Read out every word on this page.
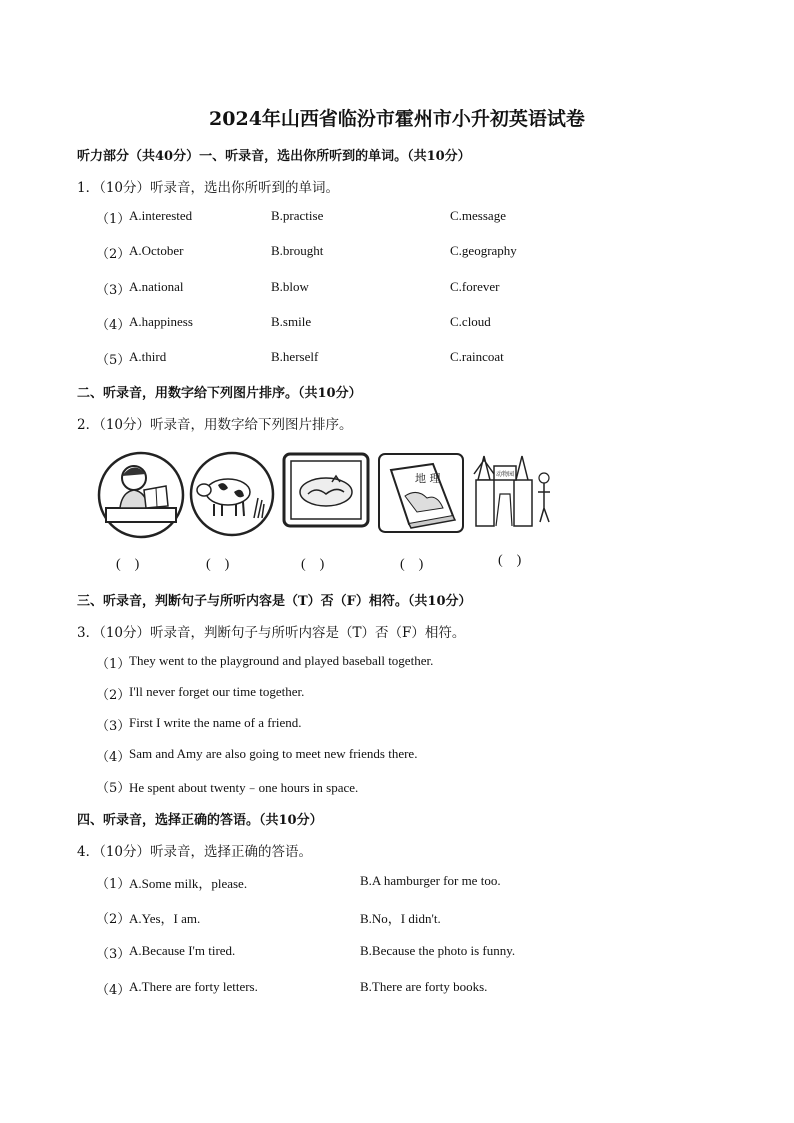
2024年山西省临汾市霍州市小升初英语试卷
听力部分（共40分）一、听录音，选出你所听到的单词。（共10分）
1．（10分）听录音，选出你所听到的单词。
（1）
A.interested	B.practise	C.message
（2）
A.October	B.brought	C.geography
（3）
A.national	B.blow	C.forever
（4）
A.happiness	B.smile	C.cloud
（5）
A.third	B.herself	C.raincoat
二、听录音，用数字给下列图片排序。（共10分）
2．（10分）听录音，用数字给下列图片排序。
地 理	动物园
(　)	(　)	(　)	(　)	(　)
三、听录音，判断句子与所听内容是（T）否（F）相符。（共10分）
3．（10分）听录音，判断句子与所听内容是（T）否（F）相符。
（1）
They went to the playground and played baseball together.
（2）
I'll never forget our time together.
（3）
First I write the name of a friend.
（4）
Sam and Amy are also going to meet new friends there.
（5）
He spent about twenty﹣one hours in space.
四、听录音，选择正确的答语。（共10分）
4．（10分）听录音，选择正确的答语。
（1）
A.Some milk，please.	B.A hamburger for me too.
（2）
A.Yes，I am.	B.No，I didn't.
（3）
A.Because I'm tired.	B.Because the photo is funny.
（4）
A.There are forty letters.	B.There are forty books.
